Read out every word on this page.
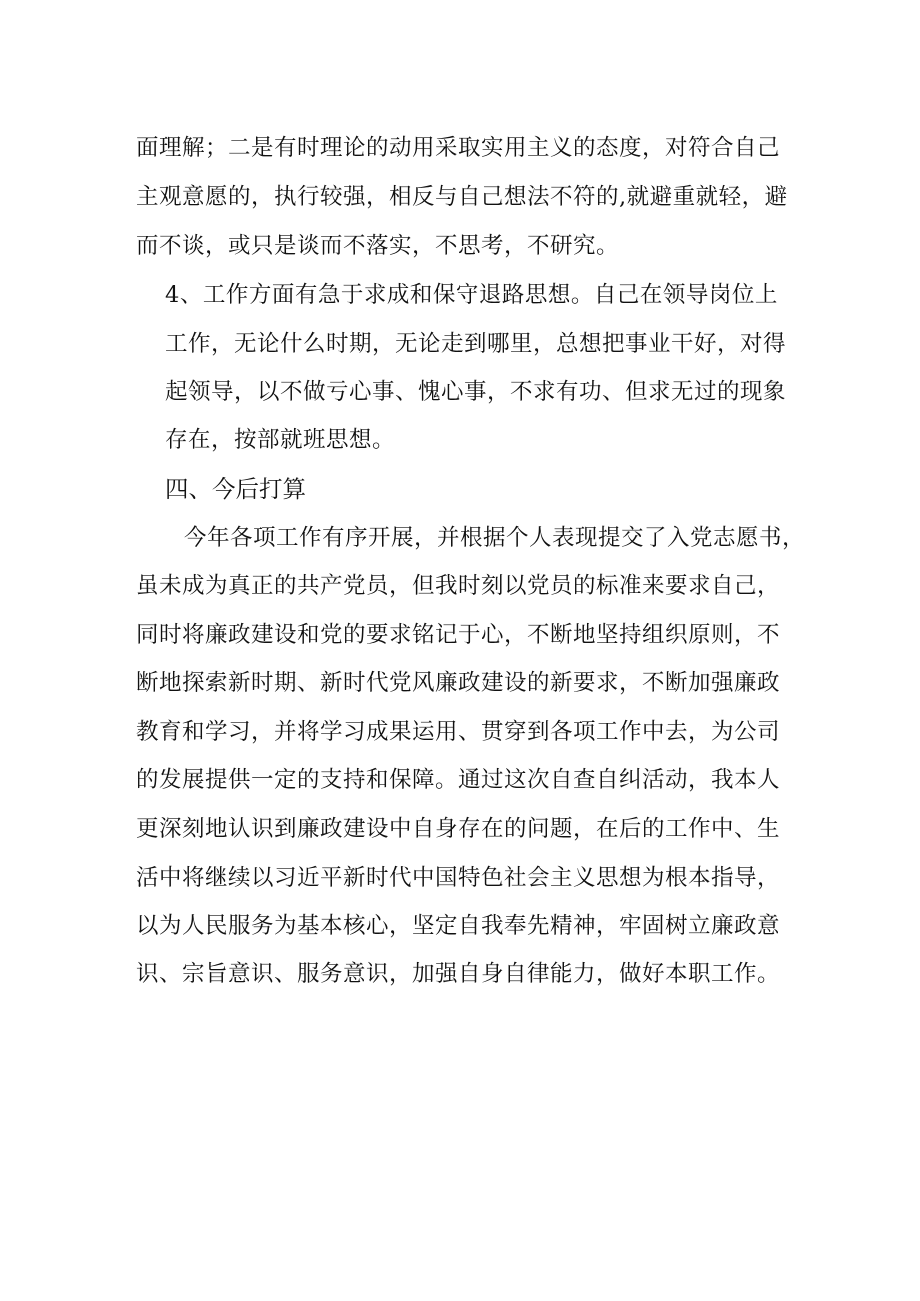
面理解；二是有时理论的动用采取实用主义的态度，对符合自己
主观意愿的，执行较强，相反与自己想法不符的,就避重就轻，避
而不谈，或只是谈而不落实，不思考，不研究。
4、工作方面有急于求成和保守退路思想。自己在领导岗位上
工作，无论什么时期，无论走到哪里，总想把事业干好，对得
起领导，以不做亏心事、愧心事，不求有功、但求无过的现象
存在，按部就班思想。
四、今后打算
今年各项工作有序开展，并根据个人表现提交了入党志愿书，
虽未成为真正的共产党员，但我时刻以党员的标准来要求自己，
同时将廉政建设和党的要求铭记于心，不断地坚持组织原则，不
断地探索新时期、新时代党风廉政建设的新要求，不断加强廉政
教育和学习，并将学习成果运用、贯穿到各项工作中去，为公司
的发展提供一定的支持和保障。通过这次自查自纠活动，我本人
更深刻地认识到廉政建设中自身存在的问题，在后的工作中、生
活中将继续以习近平新时代中国特色社会主义思想为根本指导，
以为人民服务为基本核心，坚定自我奉先精神，牢固树立廉政意
识、宗旨意识、服务意识，加强自身自律能力，做好本职工作。
